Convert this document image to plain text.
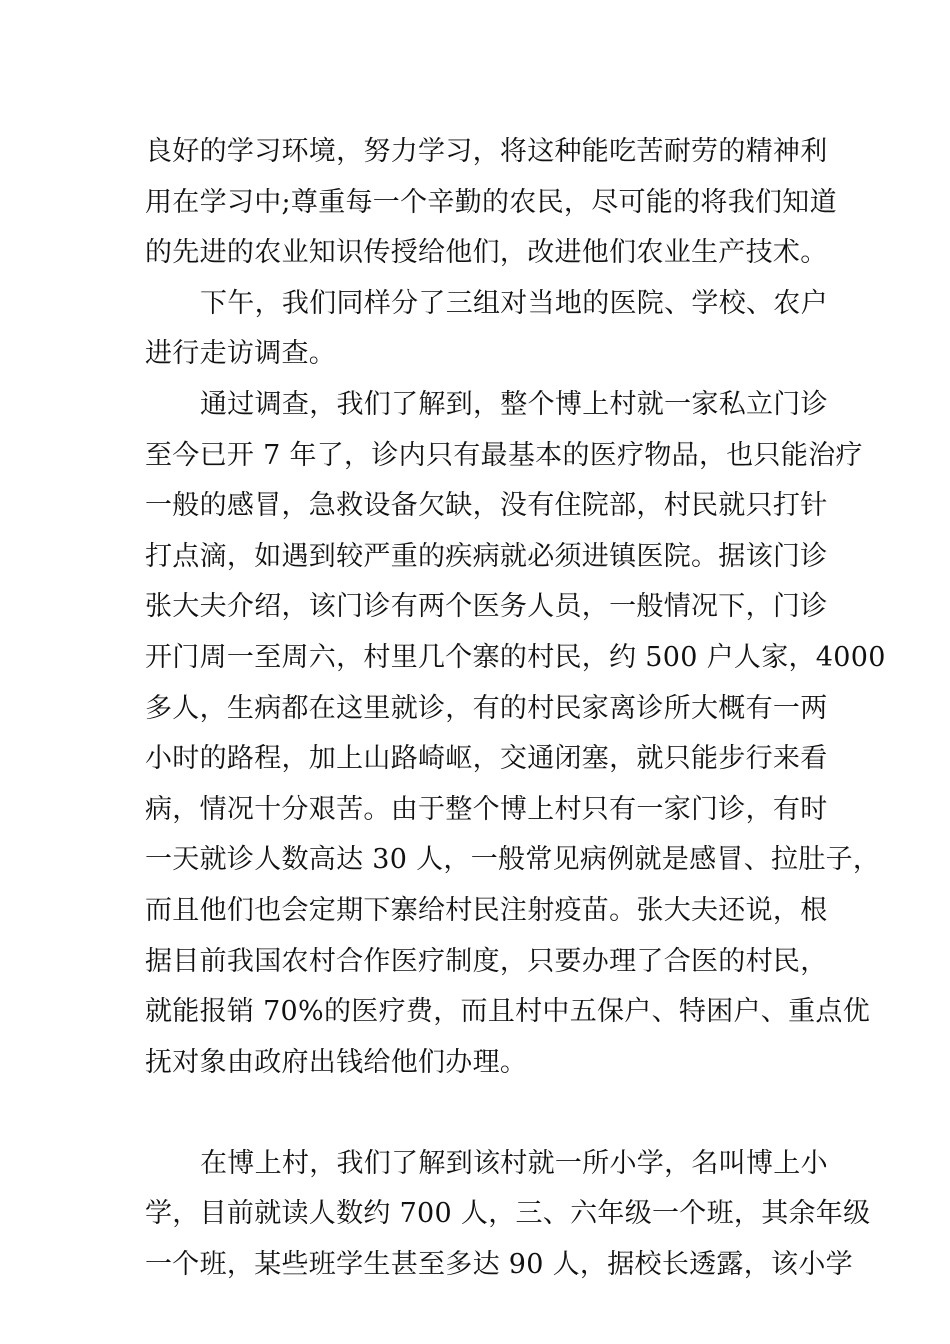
良好的学习环境，努力学习，将这种能吃苦耐劳的精神利
用在学习中;尊重每一个辛勤的农民，尽可能的将我们知道
的先进的农业知识传授给他们，改进他们农业生产技术。
下午，我们同样分了三组对当地的医院、学校、农户
进行走访调查。
通过调查，我们了解到，整个博上村就一家私立门诊
至今已开 7 年了，诊内只有最基本的医疗物品，也只能治疗
一般的感冒，急救设备欠缺，没有住院部，村民就只打针
打点滴，如遇到较严重的疾病就必须进镇医院。据该门诊
张大夫介绍，该门诊有两个医务人员，一般情况下，门诊
开门周一至周六，村里几个寨的村民，约 500 户人家，4000
多人，生病都在这里就诊，有的村民家离诊所大概有一两
小时的路程，加上山路崎岖，交通闭塞，就只能步行来看
病，情况十分艰苦。由于整个博上村只有一家门诊，有时
一天就诊人数高达 30 人，一般常见病例就是感冒、拉肚子，
而且他们也会定期下寨给村民注射疫苗。张大夫还说，根
据目前我国农村合作医疗制度，只要办理了合医的村民，
就能报销 70%的医疗费，而且村中五保户、特困户、重点优
抚对象由政府出钱给他们办理。
在博上村，我们了解到该村就一所小学，名叫博上小
学，目前就读人数约 700 人，三、六年级一个班，其余年级
一个班，某些班学生甚至多达 90 人，据校长透露，该小学
